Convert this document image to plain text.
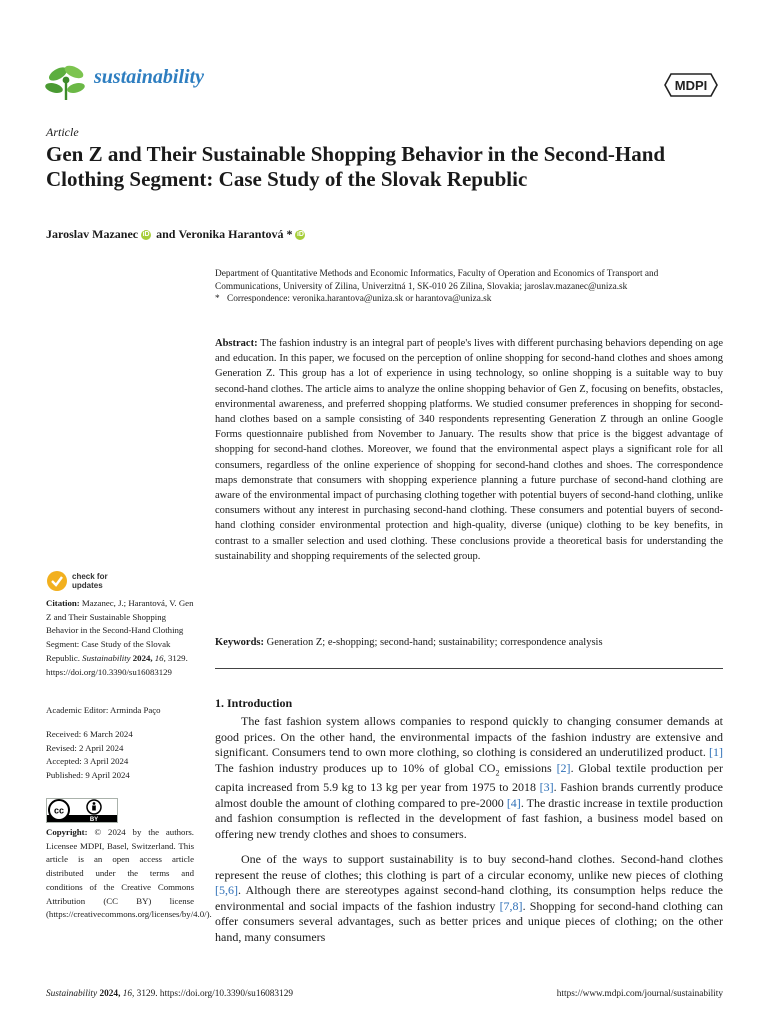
sustainability	MDPI
Article
Gen Z and Their Sustainable Shopping Behavior in the Second-Hand Clothing Segment: Case Study of the Slovak Republic
Jaroslav Mazanec iD and Veronika Harantová * iD
Department of Quantitative Methods and Economic Informatics, Faculty of Operation and Economics of Transport and Communications, University of Zilina, Univerzitná 1, SK-010 26 Zilina, Slovakia; jaroslav.mazanec@uniza.sk
* Correspondence: veronika.harantova@uniza.sk or harantova@uniza.sk
Abstract: The fashion industry is an integral part of people's lives with different purchasing behaviors depending on age and education. In this paper, we focused on the perception of online shopping for second-hand clothes and shoes among Generation Z. This group has a lot of experience in using technology, so online shopping is a suitable way to buy second-hand clothes. The article aims to analyze the online shopping behavior of Gen Z, focusing on benefits, obstacles, environmental awareness, and preferred shopping platforms. We studied consumer preferences in shopping for second-hand clothes based on a sample consisting of 340 respondents representing Generation Z through an online Google Forms questionnaire published from November to January. The results show that price is the biggest advantage of shopping for second-hand clothes. Moreover, we found that the environmental aspect plays a significant role for all consumers, regardless of the online experience of shopping for second-hand clothes and shoes. The correspondence maps demonstrate that consumers with shopping experience planning a future purchase of second-hand clothing are aware of the environmental impact of purchasing clothing together with potential buyers of second-hand clothing, unlike consumers without any interest in purchasing second-hand clothing. These consumers and potential buyers of second-hand clothing consider environmental protection and high-quality, diverse (unique) clothing to be key benefits, in contrast to a smaller selection and used clothing. These conclusions provide a theoretical basis for understanding the sustainability and shopping requirements of the selected group.
Keywords: Generation Z; e-shopping; second-hand; sustainability; correspondence analysis
1. Introduction
The fast fashion system allows companies to respond quickly to changing consumer demands at good prices. On the other hand, the environmental impacts of the fashion industry are extensive and significant. Consumers tend to own more clothing, so clothing is considered an underutilized product. [1] The fashion industry produces up to 10% of global $CO_2$ emissions [2]. Global textile production per capita increased from 5.9 kg to 13 kg per year from 1975 to 2018 [3]. Fashion brands currently produce almost double the amount of clothing compared to pre-2000 [4]. The drastic increase in textile production and fashion consumption is reflected in the development of fast fashion, a business model based on offering new trendy clothes and shoes to consumers.
One of the ways to support sustainability is to buy second-hand clothes. Second-hand clothes represent the reuse of clothes; this clothing is part of a circular economy, unlike new pieces of clothing [5,6]. Although there are stereotypes against second-hand clothing, its consumption helps reduce the environmental and social impacts of the fashion industry [7,8]. Shopping for second-hand clothing can offer consumers several advantages, such as better prices and unique pieces of clothing; on the other hand, many consumers
check for
updates
Citation: Mazanec, J.; Harantová, V. Gen Z and Their Sustainable Shopping Behavior in the Second-Hand Clothing Segment: Case Study of the Slovak Republic. Sustainability 2024, 16, 3129. https://doi.org/10.3390/su16083129
Academic Editor: Arminda Paço
Received: 6 March 2024
Revised: 2 April 2024
Accepted: 3 April 2024
Published: 9 April 2024
cc
BY
Copyright: © 2024 by the authors. Licensee MDPI, Basel, Switzerland. This article is an open access article distributed under the terms and conditions of the Creative Commons Attribution (CC BY) license (https://creativecommons.org/licenses/by/4.0/).
Sustainability 2024, 16, 3129. https://doi.org/10.3390/su16083129	https://www.mdpi.com/journal/sustainability
